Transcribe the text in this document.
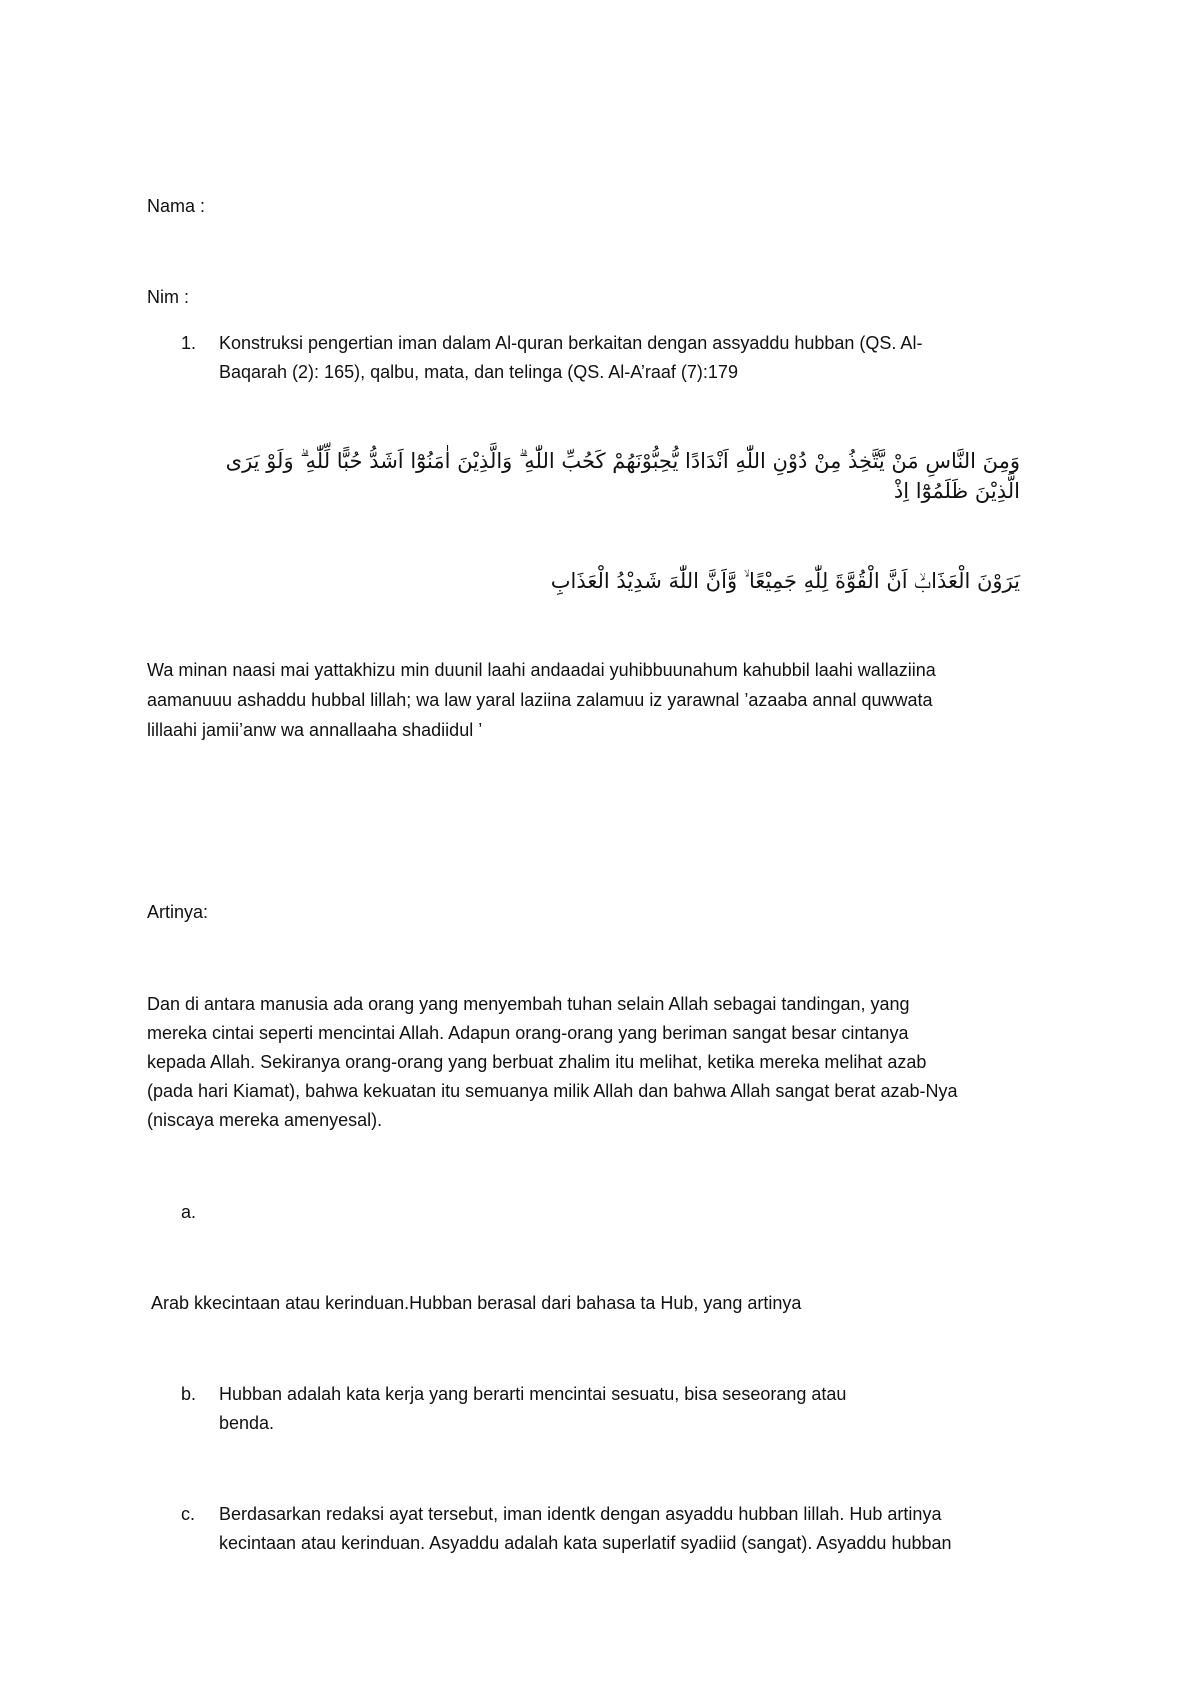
Nama :
Nim :
1. Konstruksi pengertian iman dalam Al-quran berkaitan dengan assyaddu hubban (QS. Al-
Baqarah (2): 165), qalbu, mata, dan telinga (QS. Al-A’raaf (7):179
وَمِنَ النَّاسِ مَنْ يَّتَّخِذُ مِنْ دُوْنِ اللّٰهِ اَنْدَادًا يُّحِبُّوْنَهُمْ كَحُبِّ اللّٰهِ ۗ وَالَّذِيْنَ اٰمَنُوْٓا اَشَدُّ حُبًّا لِّلّٰهِ ۗ وَلَوْ يَرَى
الَّذِيْنَ ظَلَمُوْٓا اِذْ
يَرَوْنَ الْعَذَابَۙ اَنَّ الْقُوَّةَ لِلّٰهِ جَمِيْعًا ۙ وَّاَنَّ اللّٰهَ شَدِيْدُ الْعَذَابِ
Wa minan naasi mai yattakhizu min duunil laahi andaadai yuhibbuunahum kahubbil laahi wallaziina
aamanuuu ashaddu hubbal lillah; wa law yaral laziina zalamuu iz yarawnal ’azaaba annal quwwata
lillaahi jamii’anw wa annallaaha shadiidul ’
Artinya:
Dan di antara manusia ada orang yang menyembah tuhan selain Allah sebagai tandingan, yang
mereka cintai seperti mencintai Allah. Adapun orang-orang yang beriman sangat besar cintanya
kepada Allah. Sekiranya orang-orang yang berbuat zhalim itu melihat, ketika mereka melihat azab
(pada hari Kiamat), bahwa kekuatan itu semuanya milik Allah dan bahwa Allah sangat berat azab-Nya
(niscaya mereka amenyesal).
a.
Arab kkecintaan atau kerinduan.Hubban berasal dari bahasa ta Hub, yang artinya
b. Hubban adalah kata kerja yang berarti mencintai sesuatu, bisa seseorang atau
benda.
c. Berdasarkan redaksi ayat tersebut, iman identk dengan asyaddu hubban lillah. Hub artinya
kecintaan atau kerinduan. Asyaddu adalah kata superlatif syadiid (sangat). Asyaddu hubban
